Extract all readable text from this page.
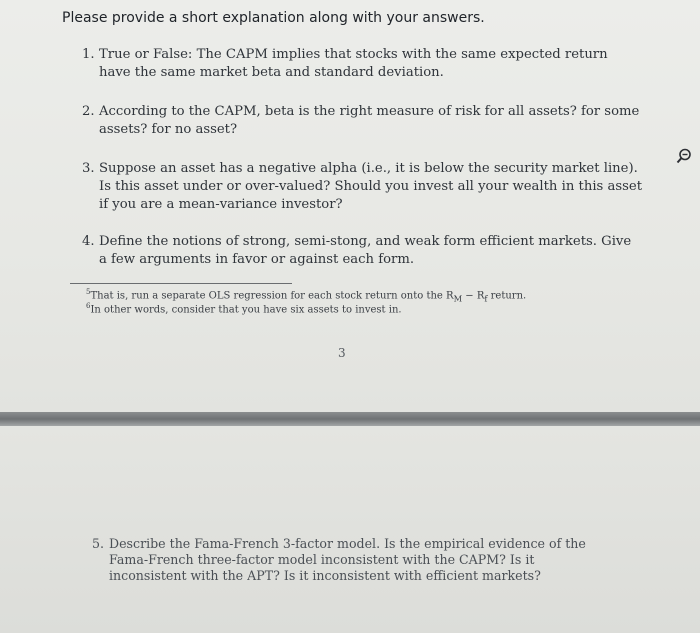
Please provide a short explanation along with your answers.
1. True or False: The CAPM implies that stocks with the same expected return have the same market beta and standard deviation.
2. According to the CAPM, beta is the right measure of risk for all assets? for some assets? for no asset?
3. Suppose an asset has a negative alpha (i.e., it is below the security market line). Is this asset under or over-valued? Should you invest all your wealth in this asset if you are a mean-variance investor?
4. Define the notions of strong, semi-stong, and weak form efficient markets. Give a few arguments in favor or against each form.
$^5$That is, run a separate OLS regression for each stock return onto the $R_M - R_f$ return.
$^6$In other words, consider that you have six assets to invest in.
3
5. Describe the Fama-French 3-factor model. Is the empirical evidence of the Fama-French three-factor model inconsistent with the CAPM? Is it inconsistent with the APT? Is it inconsistent with efficient markets?
